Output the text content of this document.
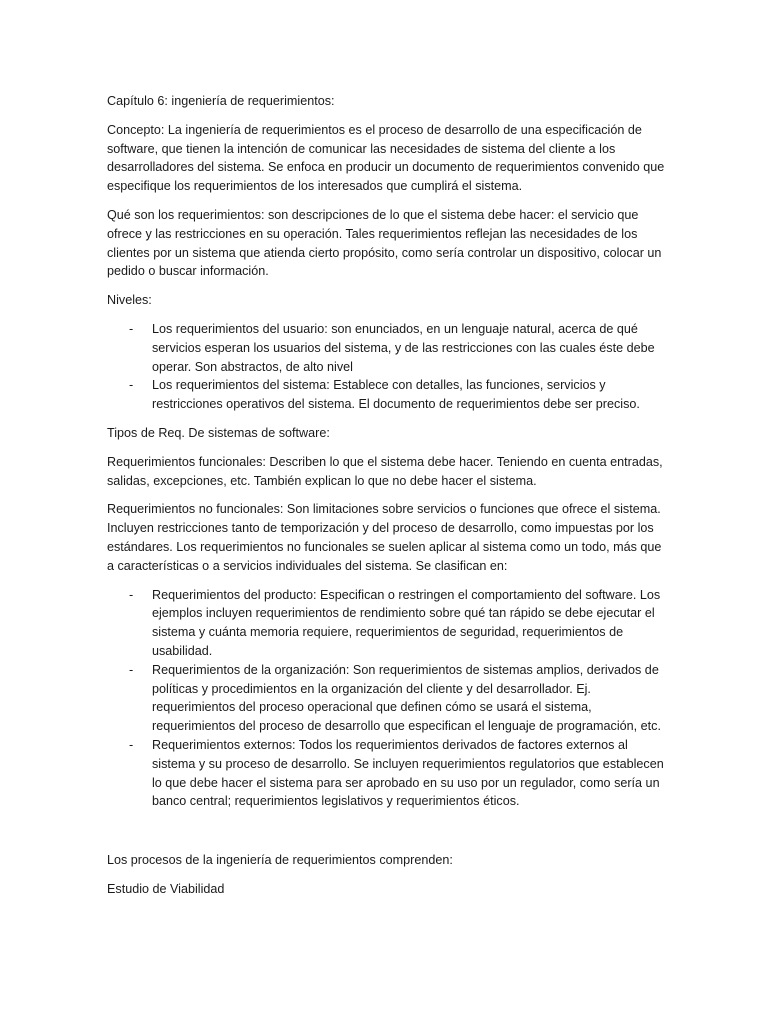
Capítulo 6: ingeniería de requerimientos:

Concepto: La ingeniería de requerimientos es el proceso de desarrollo de una especificación de software, que tienen la intención de comunicar las necesidades de sistema del cliente a los desarrolladores del sistema. Se enfoca en producir un documento de requerimientos convenido que especifique los requerimientos de los interesados que cumplirá el sistema.

Qué son los requerimientos: son descripciones de lo que el sistema debe hacer: el servicio que ofrece y las restricciones en su operación. Tales requerimientos reflejan las necesidades de los clientes por un sistema que atienda cierto propósito, como sería controlar un dispositivo, colocar un pedido o buscar información.

Niveles:

- Los requerimientos del usuario: son enunciados, en un lenguaje natural, acerca de qué servicios esperan los usuarios del sistema, y de las restricciones con las cuales éste debe operar. Son abstractos, de alto nivel
- Los requerimientos del sistema: Establece con detalles, las funciones, servicios y restricciones operativos del sistema. El documento de requerimientos debe ser preciso.

Tipos de Req. De sistemas de software:

Requerimientos funcionales: Describen lo que el sistema debe hacer. Teniendo en cuenta entradas, salidas, excepciones, etc. También explican lo que no debe hacer el sistema.

Requerimientos no funcionales: Son limitaciones sobre servicios o funciones que ofrece el sistema. Incluyen restricciones tanto de temporización y del proceso de desarrollo, como impuestas por los estándares. Los requerimientos no funcionales se suelen aplicar al sistema como un todo, más que a características o a servicios individuales del sistema. Se clasifican en:

- Requerimientos del producto: Especifican o restringen el comportamiento del software. Los ejemplos incluyen requerimientos de rendimiento sobre qué tan rápido se debe ejecutar el sistema y cuánta memoria requiere, requerimientos de seguridad, requerimientos de usabilidad.
- Requerimientos de la organización: Son requerimientos de sistemas amplios, derivados de políticas y procedimientos en la organización del cliente y del desarrollador. Ej. requerimientos del proceso operacional que definen cómo se usará el sistema, requerimientos del proceso de desarrollo que especifican el lenguaje de programación, etc.
- Requerimientos externos: Todos los requerimientos derivados de factores externos al sistema y su proceso de desarrollo. Se incluyen requerimientos regulatorios que establecen lo que debe hacer el sistema para ser aprobado en su uso por un regulador, como sería un banco central; requerimientos legislativos y requerimientos éticos.

Los procesos de la ingeniería de requerimientos comprenden:

Estudio de Viabilidad
